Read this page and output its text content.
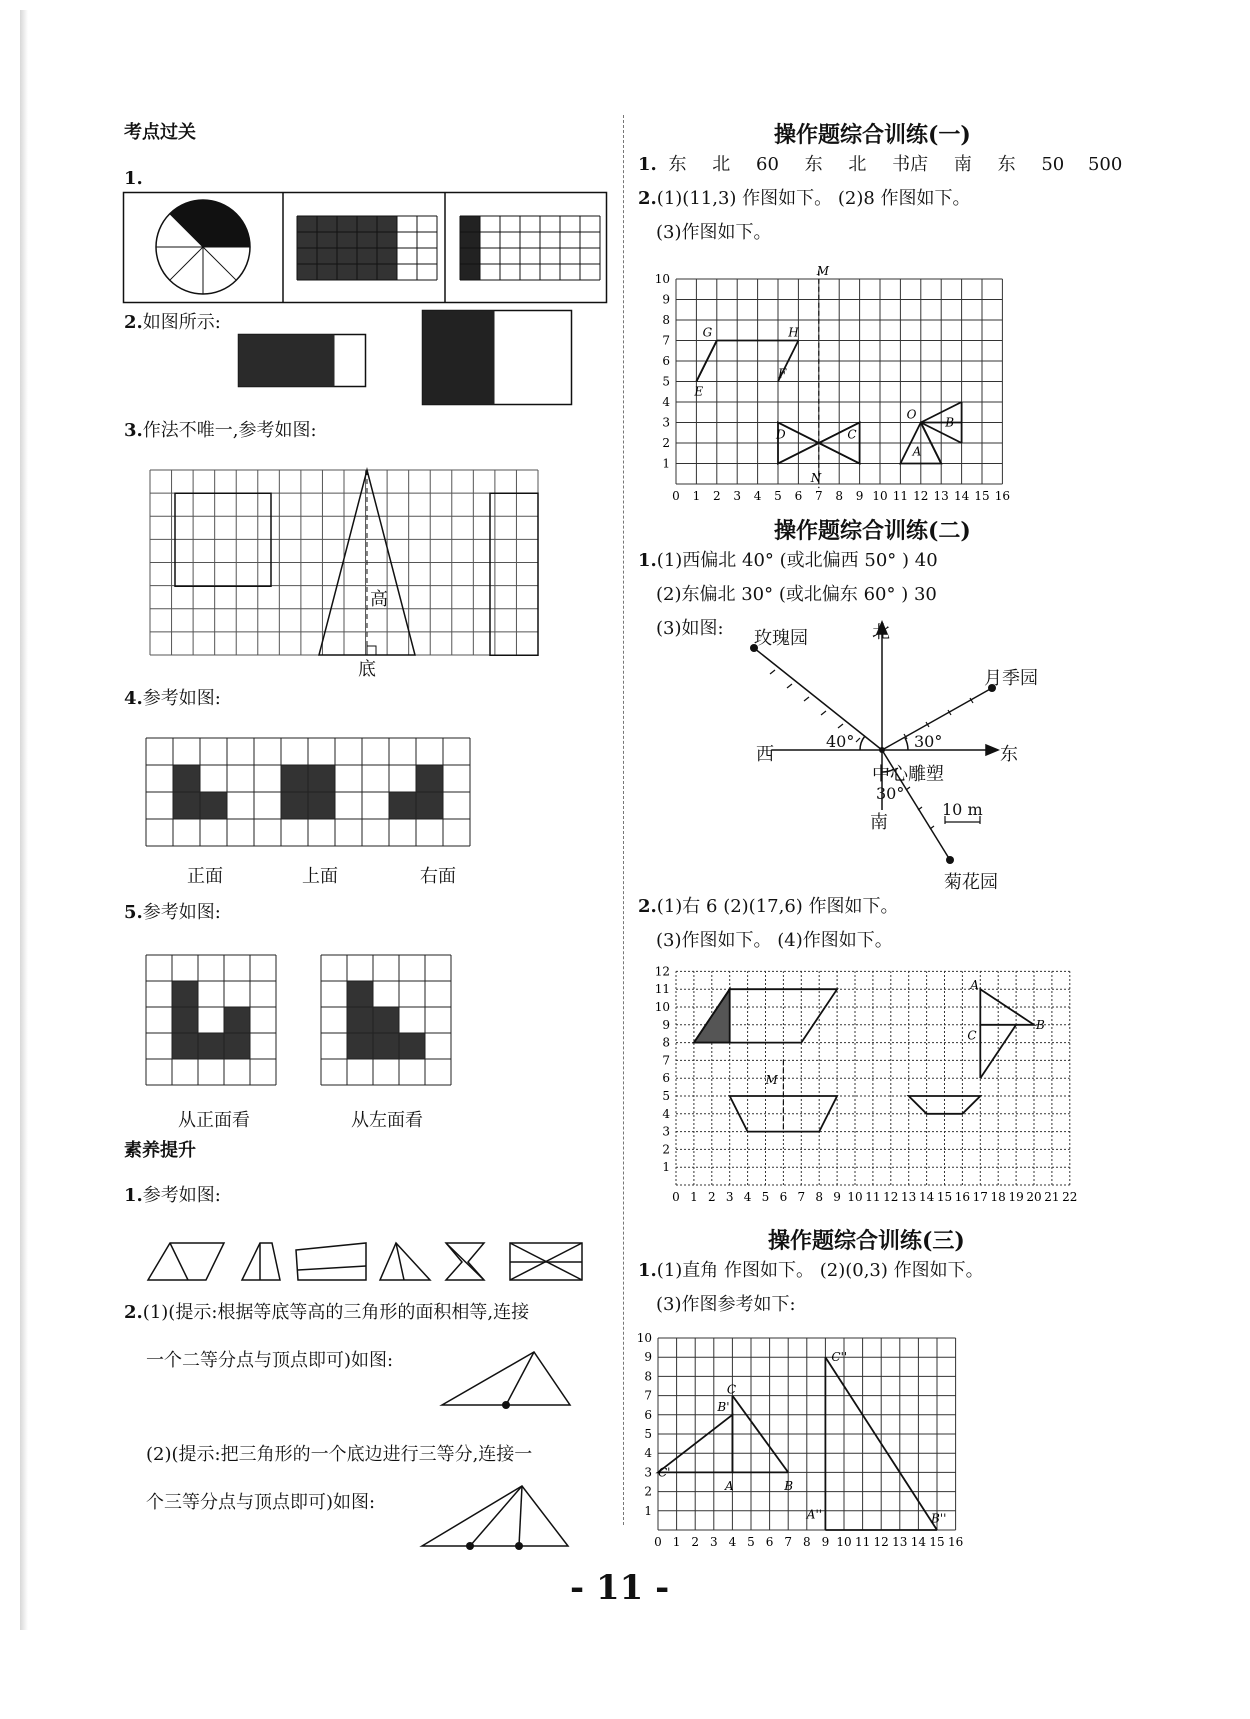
考点过关
1.
2.如图所示:
3.作法不唯一,参考如图:
高
底
4.参考如图:
正面	上面	右面
5.参考如图:
从正面看	从左面看
素养提升
1.参考如图:
2.(1)(提示:根据等底等高的三角形的面积相等,连接
一个二等分点与顶点即可)如图:
(2)(提示:把三角形的一个底边进行三等分,连接一
个三等分点与顶点即可)如图:
操作题综合训练(一)
1. 东 北 60 东 北 书店 南 东 50 500
2.(1)(11,3) 作图如下。 (2)8 作图如下。
(3)作图如下。
0 1 2 3 4 5 6 7 8 9 10 11 12 13 14 15 16
1
2
3
4
5
6
7
8
9
10
M
G	H
E
F
D	C
O
B
A
N
操作题综合训练(二)
1.(1)西偏北 40° (或北偏西 50° ) 40
(2)东偏北 30° (或北偏东 60° ) 30
(3)如图:	北
南
东
西
玫瑰园
月季园
菊花园
中心雕塑
40°	30°
30°
10 m
2.(1)右 6 (2)(17,6) 作图如下。
(3)作图如下。 (4)作图如下。
0 1 2 3 4 5 6 7 8 9 10 11 12 13 14 15 16 17 18 19 20 21 22
1
2
3
4
5
6
7
8
9
10
11
12
A
B
C
M
操作题综合训练(三)
1.(1)直角 作图如下。 (2)(0,3) 作图如下。
(3)作图参考如下:
0 1 2 3 4 5 6 7 8 9 10 11 12 13 14 15 16
1
2
3
4
5
6
7
8
9
10
C
B'
C'
A	B
C''
A''	B''
- 11 -
